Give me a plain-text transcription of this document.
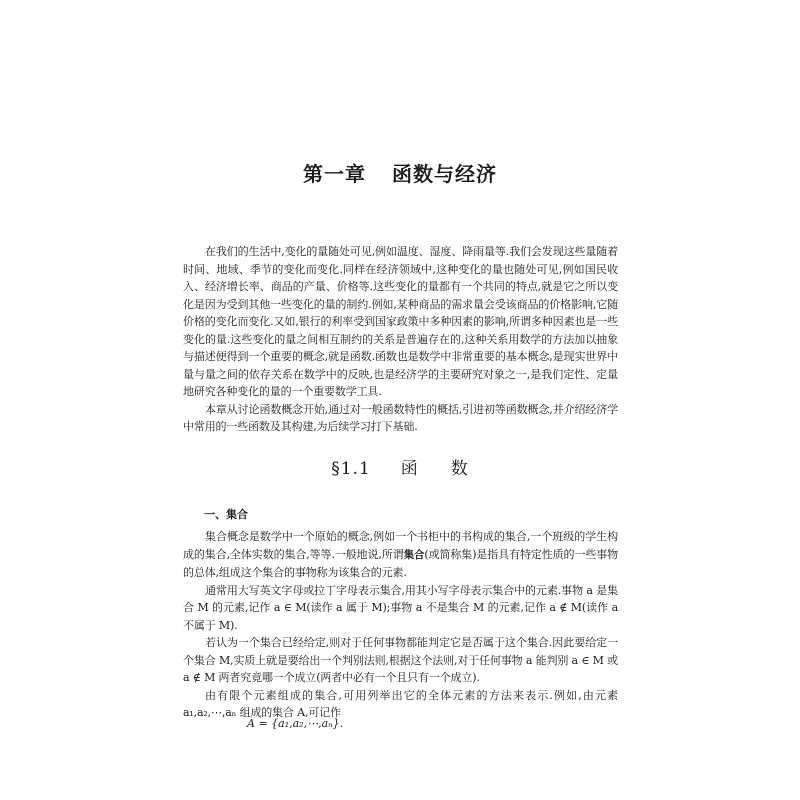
第一章 函数与经济

在我们的生活中,变化的量随处可见,例如温度、湿度、降雨量等.我们会发现这些量随着时间、地域、季节的变化而变化.同样在经济领域中,这种变化的量也随处可见,例如国民收入、经济增长率、商品的产量、价格等.这些变化的量都有一个共同的特点,就是它之所以变化是因为受到其他一些变化的量的制约.例如,某种商品的需求量会受该商品的价格影响,它随价格的变化而变化.又如,银行的利率受到国家政策中多种因素的影响,所谓多种因素也是一些变化的量.这些变化的量之间相互制约的关系是普遍存在的,这种关系用数学的方法加以抽象与描述便得到一个重要的概念,就是函数.函数也是数学中非常重要的基本概念,是现实世界中量与量之间的依存关系在数学中的反映,也是经济学的主要研究对象之一,是我们定性、定量地研究各种变化的量的一个重要数学工具.

本章从讨论函数概念开始,通过对一般函数特性的概括,引进初等函数概念,并介绍经济学中常用的一些函数及其构建,为后续学习打下基础.

§1.1 函 数
一、集合

集合概念是数学中一个原始的概念,例如一个书柜中的书构成的集合,一个班级的学生构成的集合,全体实数的集合,等等.一般地说,所谓集合(或简称集)是指具有特定性质的一些事物的总体,组成这个集合的事物称为该集合的元素.

通常用大写英文字母或拉丁字母表示集合,用其小写字母表示集合中的元素.事物 a 是集合 M 的元素,记作 a ∈ M(读作 a 属于 M);事物 a 不是集合 M 的元素,记作 a ∉ M(读作 a 不属于 M).

若认为一个集合已经给定,则对于任何事物都能判定它是否属于这个集合.因此要给定一个集合 M,实质上就是要给出一个判别法则,根据这个法则,对于任何事物 a 能判别 a ∈ M 或 a ∉ M 两者究竟哪一个成立(两者中必有一个且只有一个成立).

由有限个元素组成的集合,可用列举出它的全体元素的方法来表示.例如,由元素 a₁,a₂,⋯,aₙ 组成的集合 A,可记作

A = {a₁,a₂,⋯,aₙ}.
